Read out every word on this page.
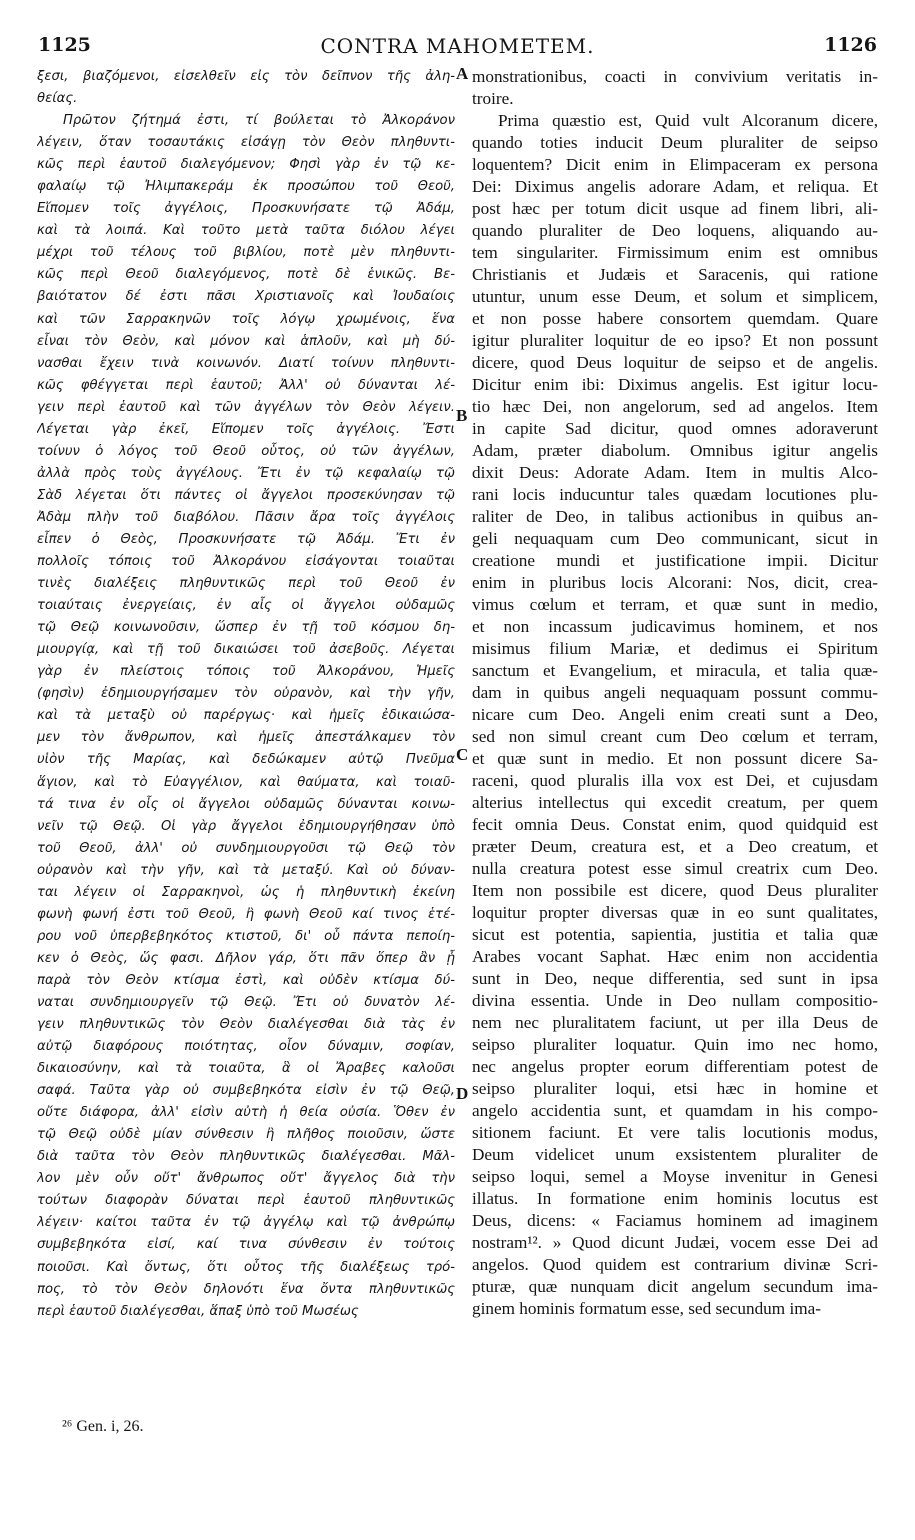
1125	CONTRA MAHOMETEM.	1126
ξεσι, βιαζόμενοι, εἰσελθεῖν εἰς τὸν δεῖπνον τῆς ἀλη-
θείας.
Πρῶτον ζήτημά ἐστι, τί βούλεται τὸ Ἀλκοράνον
λέγειν, ὅταν τοσαυτάκις εἰσάγῃ τὸν Θεὸν πληθυντι-
κῶς περὶ ἑαυτοῦ διαλεγόμενον; Φησὶ γὰρ ἐν τῷ κε-
φαλαίῳ τῷ Ἠλιμπακεράμ ἐκ προσώπου τοῦ Θεοῦ,
Εἴπομεν τοῖς ἀγγέλοις, Προσκυνήσατε τῷ Ἀδάμ,
καὶ τὰ λοιπά. Καὶ τοῦτο μετὰ ταῦτα διόλου λέγει
μέχρι τοῦ τέλους τοῦ βιβλίου, ποτὲ μὲν πληθυντι-
κῶς περὶ Θεοῦ διαλεγόμενος, ποτὲ δὲ ἑνικῶς. Βε-
βαιότατον δέ ἐστι πᾶσι Χριστιανοῖς καὶ Ἰουδαίοις
καὶ τῶν Σαρρακηνῶν τοῖς λόγῳ χρωμένοις, ἕνα
εἶναι τὸν Θεὸν, καὶ μόνον καὶ ἁπλοῦν, καὶ μὴ δύ-
νασθαι ἔχειν τινὰ κοινωνόν. Διατί τοίνυν πληθυντι-
κῶς φθέγγεται περὶ ἑαυτοῦ; Ἀλλ' οὐ δύνανται λέ-
γειν περὶ ἑαυτοῦ καὶ τῶν ἀγγέλων τὸν Θεὸν λέγειν.
Λέγεται γὰρ ἐκεῖ, Εἴπομεν τοῖς ἀγγέλοις. Ἔστι
τοίνυν ὁ λόγος τοῦ Θεοῦ οὗτος, οὐ τῶν ἀγγέλων,
ἀλλὰ πρὸς τοὺς ἀγγέλους. Ἔτι ἐν τῷ κεφαλαίῳ τῷ
Σὰδ λέγεται ὅτι πάντες οἱ ἄγγελοι προσεκύνησαν τῷ
Ἀδὰμ πλὴν τοῦ διαβόλου. Πᾶσιν ἄρα τοῖς ἀγγέλοις
εἶπεν ὁ Θεὸς, Προσκυνήσατε τῷ Ἀδάμ. Ἔτι ἐν
πολλοῖς τόποις τοῦ Ἀλκοράνου εἰσάγονται τοιαῦται
τινὲς διαλέξεις πληθυντικῶς περὶ τοῦ Θεοῦ ἐν
τοιαύταις ἐνεργείαις, ἐν αἷς οἱ ἄγγελοι οὐδαμῶς
τῷ Θεῷ κοινωνοῦσιν, ὥσπερ ἐν τῇ τοῦ κόσμου δη-
μιουργίᾳ, καὶ τῇ τοῦ δικαιώσει τοῦ ἀσεβοῦς. Λέγεται
γὰρ ἐν πλείστοις τόποις τοῦ Ἀλκοράνου, Ἡμεῖς
(φησὶν) ἐδημιουργήσαμεν τὸν οὐρανὸν, καὶ τὴν γῆν,
καὶ τὰ μεταξὺ οὐ παρέργως· καὶ ἡμεῖς ἐδικαιώσα-
μεν τὸν ἄνθρωπον, καὶ ἡμεῖς ἀπεστάλκαμεν τὸν
υἱὸν τῆς Μαρίας, καὶ δεδώκαμεν αὐτῷ Πνεῦμα
ἅγιον, καὶ τὸ Εὐαγγέλιον, καὶ θαύματα, καὶ τοιαῦ-
τά τινα ἐν οἷς οἱ ἄγγελοι οὐδαμῶς δύνανται κοινω-
νεῖν τῷ Θεῷ. Οἱ γὰρ ἄγγελοι ἐδημιουργήθησαν ὑπὸ
τοῦ Θεοῦ, ἀλλ' οὐ συνδημιουργοῦσι τῷ Θεῷ τὸν
οὐρανὸν καὶ τὴν γῆν, καὶ τὰ μεταξύ. Καὶ οὐ δύναν-
ται λέγειν οἱ Σαρρακηνοὶ, ὡς ἡ πληθυντικὴ ἐκείνη
φωνὴ φωνή ἐστι τοῦ Θεοῦ, ἢ φωνὴ Θεοῦ καί τινος ἑτέ-
ρου νοῦ ὑπερβεβηκότος κτιστοῦ, δι' οὗ πάντα πεποίη-
κεν ὁ Θεὸς, ὥς φασι. Δῆλον γάρ, ὅτι πᾶν ὅπερ ἂν ᾖ
παρὰ τὸν Θεὸν κτίσμα ἐστὶ, καὶ οὐδὲν κτίσμα δύ-
ναται συνδημιουργεῖν τῷ Θεῷ. Ἔτι οὐ δυνατὸν λέ-
γειν πληθυντικῶς τὸν Θεὸν διαλέγεσθαι διὰ τὰς ἐν
αὐτῷ διαφόρους ποιότητας, οἷον δύναμιν, σοφίαν,
δικαιοσύνην, καὶ τὰ τοιαῦτα, ἃ οἱ Ἄραβες καλοῦσι
σαφά. Ταῦτα γὰρ οὐ συμβεβηκότα εἰσὶν ἐν τῷ Θεῷ,
οὔτε διάφορα, ἀλλ' εἰσὶν αὐτὴ ἡ θεία οὐσία. Ὅθεν ἐν
τῷ Θεῷ οὐδὲ μίαν σύνθεσιν ἢ πλῆθος ποιοῦσιν, ὥστε
διὰ ταῦτα τὸν Θεὸν πληθυντικῶς διαλέγεσθαι. Μᾶλ-
λον μὲν οὖν οὔτ' ἄνθρωπος οὔτ' ἄγγελος διὰ τὴν
τούτων διαφορὰν δύναται περὶ ἑαυτοῦ πληθυντικῶς
λέγειν· καίτοι ταῦτα ἐν τῷ ἀγγέλῳ καὶ τῷ ἀνθρώπῳ
συμβεβηκότα εἰσί, καί τινα σύνθεσιν ἐν τούτοις
ποιοῦσι. Καὶ ὄντως, ὅτι οὗτος τῆς διαλέξεως τρό-
πος, τὸ τὸν Θεὸν δηλονότι ἕνα ὄντα πληθυντικῶς
περὶ ἑαυτοῦ διαλέγεσθαι, ἅπαξ ὑπὸ τοῦ Μωσέως
monstrationibus, coacti in convivium veritatis in-
troire.
Prima quæstio est, Quid vult Alcoranum dicere,
quando toties inducit Deum pluraliter de seipso
loquentem? Dicit enim in Elimpaceram ex persona
Dei: Diximus angelis adorare Adam, et reliqua. Et
post hæc per totum dicit usque ad finem libri, ali-
quando pluraliter de Deo loquens, aliquando au-
tem singulariter. Firmissimum enim est omnibus
Christianis et Judæis et Saracenis, qui ratione
utuntur, unum esse Deum, et solum et simplicem,
et non posse habere consortem quemdam. Quare
igitur pluraliter loquitur de eo ipso? Et non possunt
dicere, quod Deus loquitur de seipso et de angelis.
Dicitur enim ibi: Diximus angelis. Est igitur locu-
tio hæc Dei, non angelorum, sed ad angelos. Item
in capite Sad dicitur, quod omnes adoraverunt
Adam, præter diabolum. Omnibus igitur angelis
dixit Deus: Adorate Adam. Item in multis Alco-
rani locis inducuntur tales quædam locutiones plu-
raliter de Deo, in talibus actionibus in quibus an-
geli nequaquam cum Deo communicant, sicut in
creatione mundi et justificatione impii. Dicitur
enim in pluribus locis Alcorani: Nos, dicit, crea-
vimus cœlum et terram, et quæ sunt in medio,
et non incassum judicavimus hominem, et nos
misimus filium Mariæ, et dedimus ei Spiritum
sanctum et Evangelium, et miracula, et talia quæ-
dam in quibus angeli nequaquam possunt commu-
nicare cum Deo. Angeli enim creati sunt a Deo,
sed non simul creant cum Deo cœlum et terram,
et quæ sunt in medio. Et non possunt dicere Sa-
raceni, quod pluralis illa vox est Dei, et cujusdam
alterius intellectus qui excedit creatum, per quem
fecit omnia Deus. Constat enim, quod quidquid est
præter Deum, creatura est, et a Deo creatum, et
nulla creatura potest esse simul creatrix cum Deo.
Item non possibile est dicere, quod Deus pluraliter
loquitur propter diversas quæ in eo sunt qualitates,
sicut est potentia, sapientia, justitia et talia quæ
Arabes vocant Saphat. Hæc enim non accidentia
sunt in Deo, neque differentia, sed sunt in ipsa
divina essentia. Unde in Deo nullam compositio-
nem nec pluralitatem faciunt, ut per illa Deus de
seipso pluraliter loquatur. Quin imo nec homo,
nec angelus propter eorum differentiam potest de
seipso pluraliter loqui, etsi hæc in homine et
angelo accidentia sunt, et quamdam in his compo-
sitionem faciunt. Et vere talis locutionis modus,
Deum videlicet unum exsistentem pluraliter de
seipso loqui, semel a Moyse invenitur in Genesi
illatus. In formatione enim hominis locutus est
Deus, dicens: « Faciamus hominem ad imaginem
nostram¹². » Quod dicunt Judæi, vocem esse Dei ad
angelos. Quod quidem est contrarium divinæ Scri-
pturæ, quæ nunquam dicit angelum secundum ima-
ginem hominis formatum esse, sed secundum ima-
A
B
C
D
²⁶ Gen. i, 26.
